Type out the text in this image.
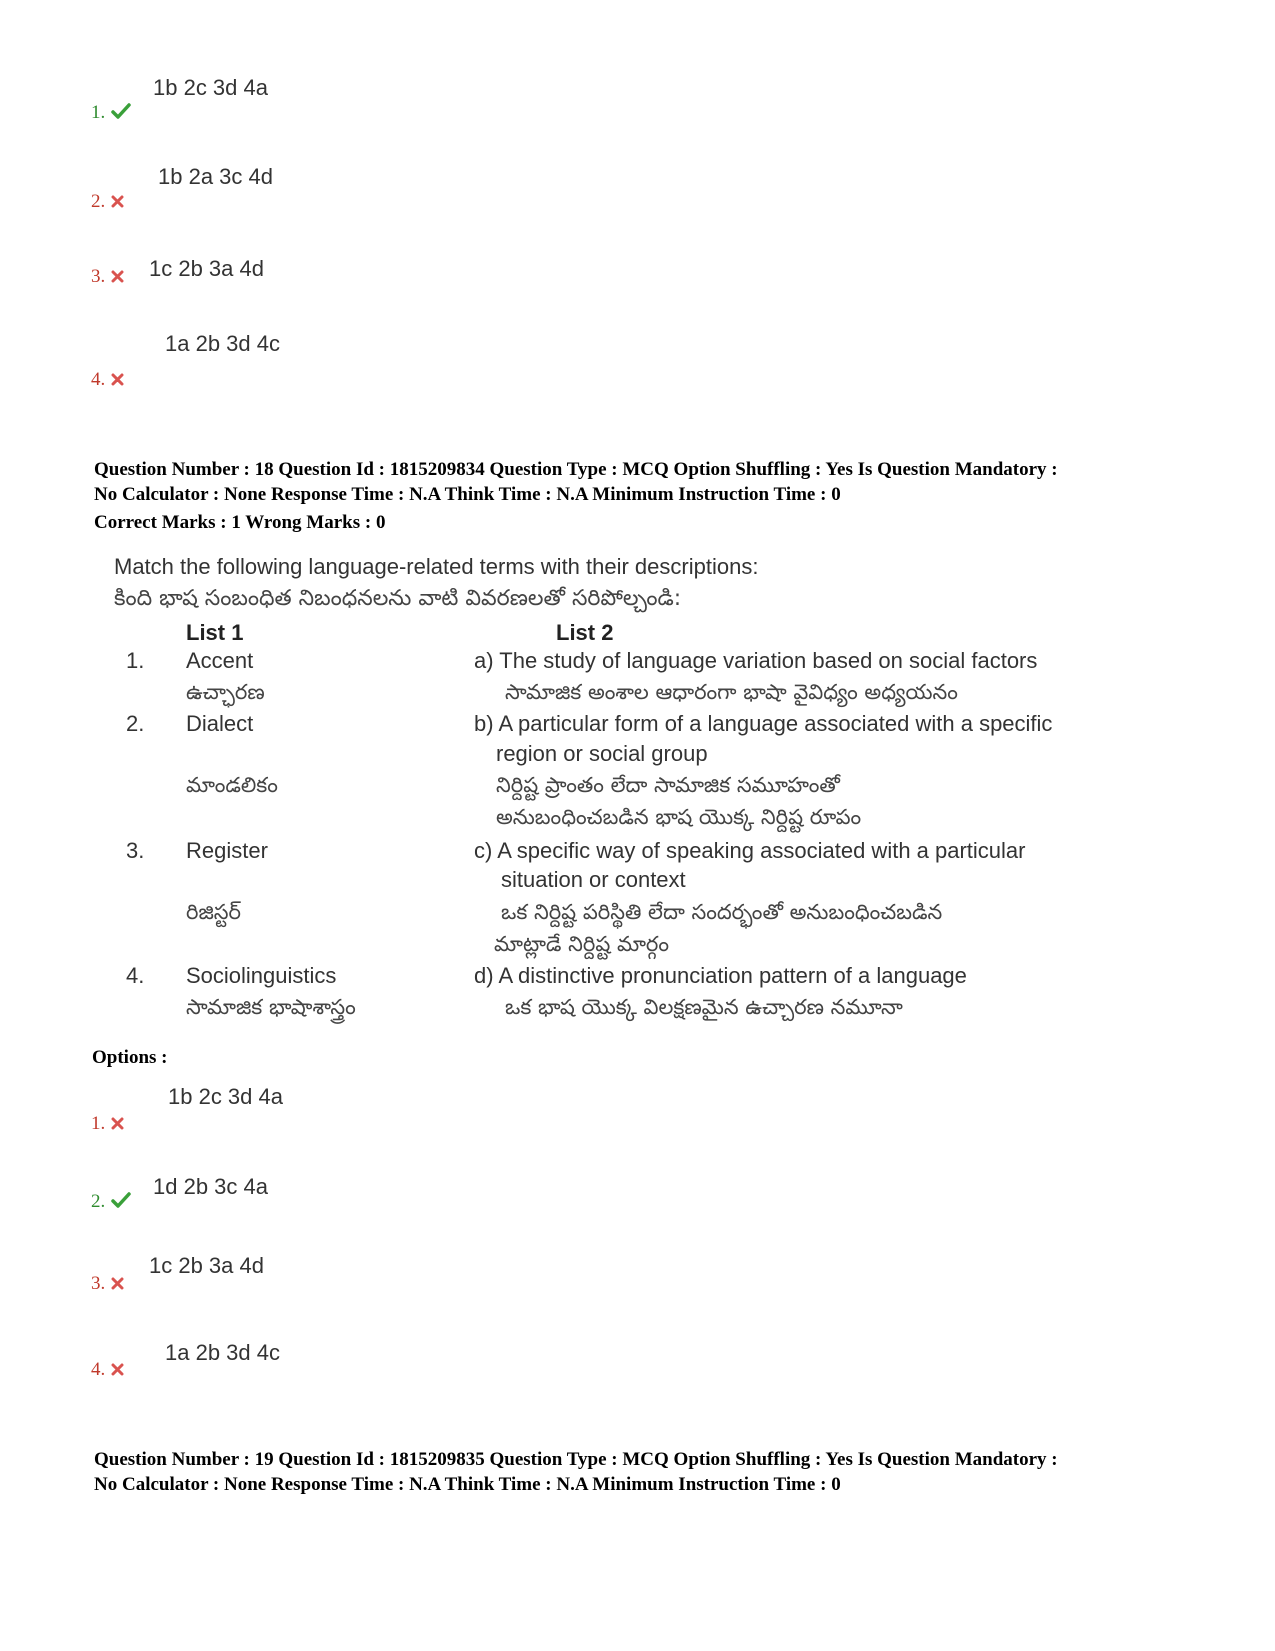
1b 2c 3d 4a
1.
1b 2a 3c 4d
2.
1c 2b 3a 4d
3.
1a 2b 3d 4c
4.
Question Number : 18 Question Id : 1815209834 Question Type : MCQ Option Shuffling : Yes Is Question Mandatory :
No Calculator : None Response Time : N.A Think Time : N.A Minimum Instruction Time : 0
Correct Marks : 1 Wrong Marks : 0
Match the following language-related terms with their descriptions:
కింది భాష సంబంధిత నిబంధనలను వాటి వివరణలతో సరిపోల్చండి:
List 1	List 2
1. Accent
ఉచ్ఛారణ
a) The study of language variation based on social factors
సామాజిక అంశాల ఆధారంగా భాషా వైవిధ్యం అధ్యయనం
2. Dialect
మాండలికం
b) A particular form of a language associated with a specific
region or social group
నిర్దిష్ట ప్రాంతం లేదా సామాజిక సమూహంతో
అనుబంధించబడిన భాష యొక్క నిర్దిష్ట రూపం
3. Register
రిజిస్టర్
c) A specific way of speaking associated with a particular
situation or context
ఒక నిర్దిష్ట పరిస్థితి లేదా సందర్భంతో అనుబంధించబడిన
మాట్లాడే నిర్దిష్ట మార్గం
4. Sociolinguistics
సామాజిక భాషాశాస్త్రం
d) A distinctive pronunciation pattern of a language
ఒక భాష యొక్క విలక్షణమైన ఉచ్చారణ నమూనా
Options :
1b 2c 3d 4a
1.
1d 2b 3c 4a
2.
1c 2b 3a 4d
3.
1a 2b 3d 4c
4.
Question Number : 19 Question Id : 1815209835 Question Type : MCQ Option Shuffling : Yes Is Question Mandatory :
No Calculator : None Response Time : N.A Think Time : N.A Minimum Instruction Time : 0
